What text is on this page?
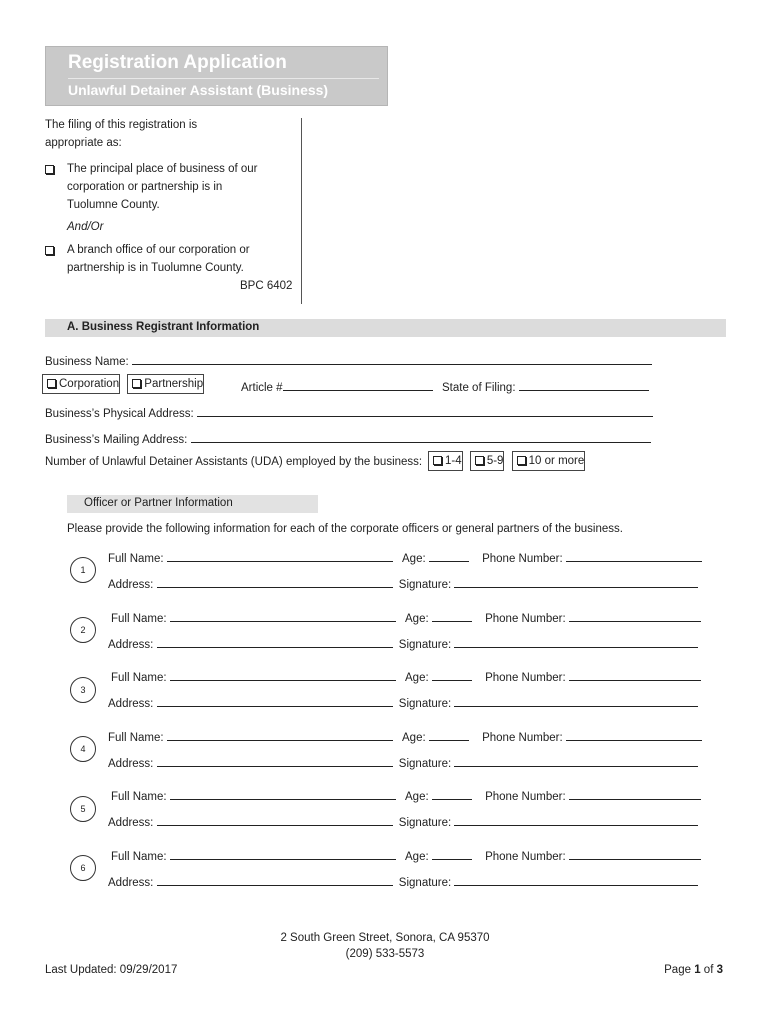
Registration Application
Unlawful Detainer Assistant (Business)
The filing of this registration is
appropriate as:
The principal place of business of our
corporation or partnership is in
Tuolumne County.
And/Or
A branch office of our corporation or
partnership is in Tuolumne County.
BPC 6402
A. Business Registrant Information
Business Name:
Corporation Partnership	Article #	State of Filing:
Business’s Physical Address:
Business’s Mailing Address:
Number of Unlawful Detainer Assistants (UDA) employed by the business:	1-4 5-9 10 or more
Officer or Partner Information
Please provide the following information for each of the corporate officers or general partners of the business.
1
Full Name:	Age:	Phone Number:
Address:	Signature:
2
Full Name:	Age:	Phone Number:
Address:	Signature:
3
Full Name:	Age:	Phone Number:
Address:	Signature:
4
Full Name:	Age:	Phone Number:
Address:	Signature:
5
Full Name:	Age:	Phone Number:
Address:	Signature:
6
Full Name:	Age:	Phone Number:
Address:	Signature:
2 South Green Street, Sonora, CA 95370
(209) 533-5573
Last Updated: 09/29/2017	Page 1 of 3
